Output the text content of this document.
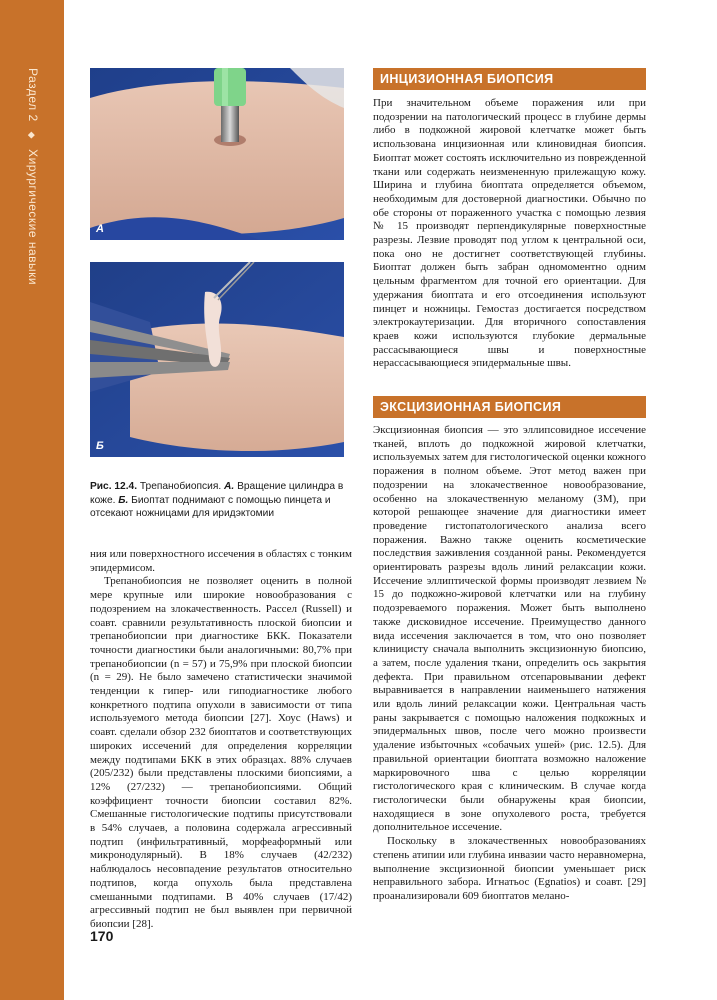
Раздел 2◆Хирургические навыки	А
Б
Рис. 12.4. Трепанобиопсия. А. Вращение цилиндра в коже. Б. Биоптат поднимают с помощью пинцета и отсекают ножницами для иридэктомии

ния или поверхностного иссечения в областях с тонким эпидермисом.

Трепанобиопсия не позволяет оценить в полной мере крупные или широкие новообразования с подозрением на злокачественность. Рассел (Russell) и соавт. сравнили результативность плоской биопсии и трепанобиопсии при диагностике БКК. Показатели точности диагностики были аналогичными: 80,7% при трепанобиопсии (n = 57) и 75,9% при плоской биопсии (n = 29). Не было замечено статистически значимой тенденции к гипер- или гиподиагностике любого конкретного подтипа опухоли в зависимости от типа используемого метода биопсии [27]. Хоус (Haws) и соавт. сделали обзор 232 биоптатов и соответствующих широких иссечений для определения корреляции между подтипами БКК в этих образцах. 88% случаев (205/232) были представлены плоскими биопсиями, а 12% (27/232) — трепанобиопсиями. Общий коэффициент точности биопсии составил 82%. Смешанные гистологические подтипы присутствовали в 54% случаев, а половина содержала агрессивный подтип (инфильтративный, морфеаформный или микронодулярный). В 18% случаев (42/232) наблюдалось несовпадение результатов относительно подтипов, когда опухоль была представлена смешанными подтипами. В 40% случаев (17/42) агрессивный подтип не был выявлен при первичной биопсии [28].

ИНЦИЗИОННАЯ БИОПСИЯ

При значительном объеме поражения или при подозрении на патологический процесс в глубине дермы либо в подкожной жировой клетчатке может быть использована инцизионная или клиновидная биопсия. Биоптат может состоять исключительно из поврежденной ткани или содержать неизмененную прилежащую кожу. Ширина и глубина биоптата определяется объемом, необходимым для достоверной диагностики. Обычно по обе стороны от пораженного участка с помощью лезвия № 15 производят перпендикулярные поверхностные разрезы. Лезвие проводят под углом к центральной оси, пока оно не достигнет соответствующей глубины. Биоптат должен быть забран одномоментно одним цельным фрагментом для точной его ориентации. Для удержания биоптата и его отсоединения используют пинцет и ножницы. Гемостаз достигается посредством электрокаутеризации. Для вторичного сопоставления краев кожи используются глубокие дермальные рассасывающиеся швы и поверхностные нерассасывающиеся эпидермальные швы.

ЭКСЦИЗИОННАЯ БИОПСИЯ

Эксцизионная биопсия — это эллипсовидное иссечение тканей, вплоть до подкожной жировой клетчатки, используемых затем для гистологической оценки кожного поражения в полном объеме. Этот метод важен при подозрении на злокачественное новообразование, особенно на злокачественную меланому (ЗМ), при которой решающее значение для диагностики имеет проведение гистопатологического анализа всего поражения. Важно также оценить косметические последствия заживления созданной раны. Рекомендуется ориентировать разрезы вдоль линий релаксации кожи. Иссечение эллиптической формы производят лезвием № 15 до подкожно-жировой клетчатки или на глубину подозреваемого поражения. Может быть выполнено также дисковидное иссечение. Преимущество данного вида иссечения заключается в том, что оно позволяет клиницисту сначала выполнить эксцизионную биопсию, а затем, после удаления ткани, определить ось закрытия дефекта. При правильном отсепаровывании дефект выравнивается в направлении наименьшего натяжения или вдоль линий релаксации кожи. Центральная часть раны закрывается с помощью наложения подкожных и эпидермальных швов, после чего можно произвести удаление избыточных «собачьих ушей» (рис. 12.5). Для правильной ориентации биоптата возможно наложение маркировочного шва с целью корреляции гистологического края с клиническим. В случае когда гистологически были обнаружены края биопсии, находящиеся в зоне опухолевого роста, требуется дополнительное иссечение.

Поскольку в злокачественных новообразованиях степень атипии или глубина инвазии часто неравномерна, выполнение эксцизионной биопсии уменьшает риск неправильного забора. Игнатьос (Egnatios) и соавт. [29] проанализировали 609 биоптатов мелано-

170
